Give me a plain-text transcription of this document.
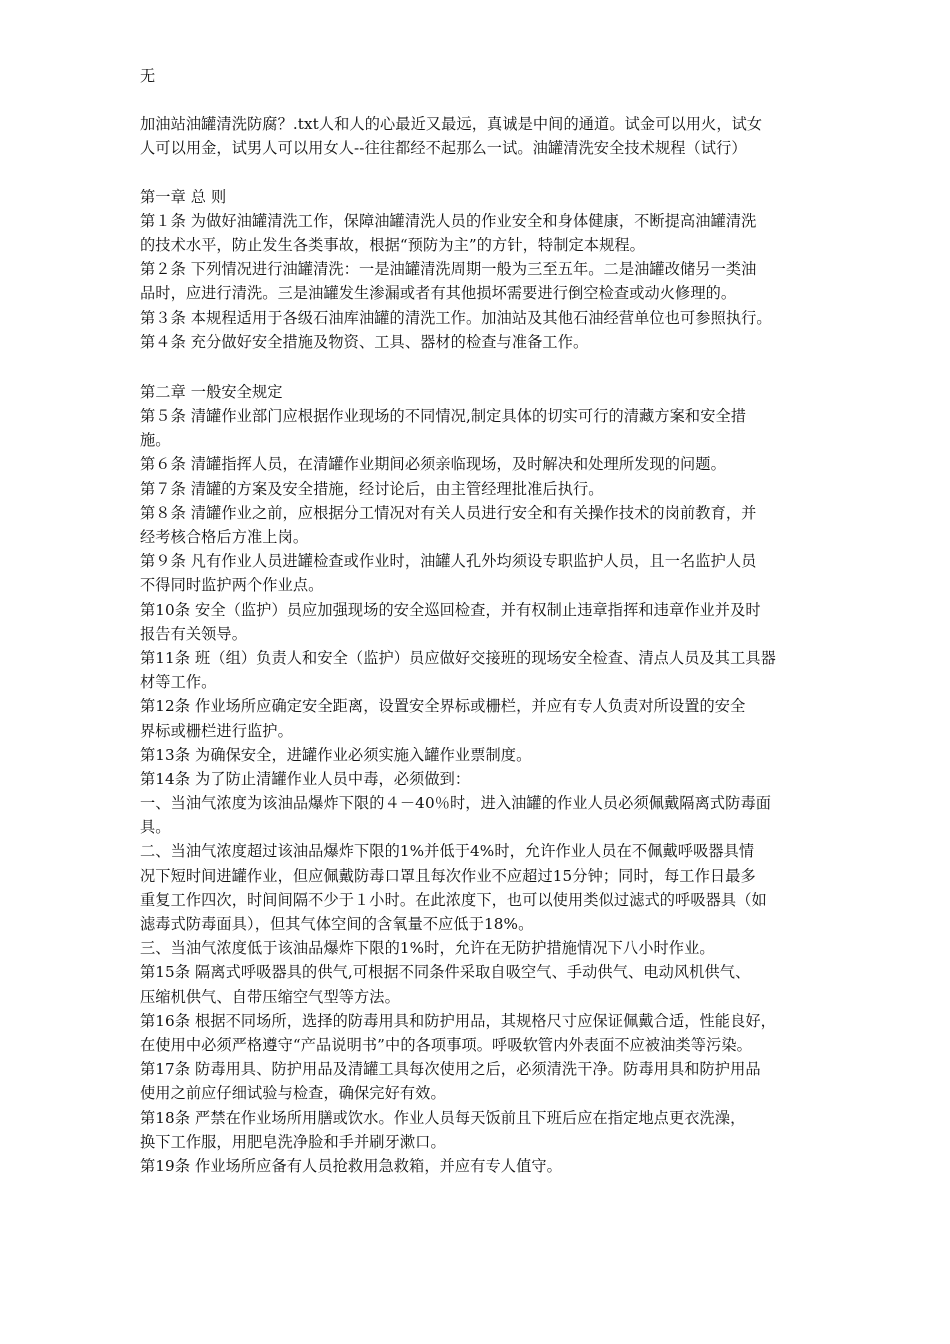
无
加油站油罐清洗防腐？.txt人和人的心最近又最远，真诚是中间的通道。试金可以用火，试女
人可以用金，试男人可以用女人--往往都经不起那么一试。油罐清洗安全技术规程（试行）
第一章 总 则
第１条 为做好油罐清洗工作，保障油罐清洗人员的作业安全和身体健康，不断提高油罐清洗
的技术水平，防止发生各类事故，根据“预防为主”的方针，特制定本规程。
第２条 下列情况进行油罐清洗：一是油罐清洗周期一般为三至五年。二是油罐改储另一类油
品时，应进行清洗。三是油罐发生渗漏或者有其他损坏需要进行倒空检查或动火修理的。
第３条 本规程适用于各级石油库油罐的清洗工作。加油站及其他石油经营单位也可参照执行。
第４条 充分做好安全措施及物资、工具、器材的检查与准备工作。
第二章 一般安全规定
第５条 清罐作业部门应根据作业现场的不同情况,制定具体的切实可行的清藏方案和安全措
施。
第６条 清罐指挥人员，在清罐作业期间必须亲临现场，及时解决和处理所发现的问题。
第７条 清罐的方案及安全措施，经讨论后，由主管经理批准后执行。
第８条 清罐作业之前，应根据分工情况对有关人员进行安全和有关操作技术的岗前教育，并
经考核合格后方准上岗。
第９条 凡有作业人员进罐检查或作业时，油罐人孔外均须设专职监护人员，且一名监护人员
不得同时监护两个作业点。
第10条 安全（监护）员应加强现场的安全巡回检查，并有权制止违章指挥和违章作业并及时
报告有关领导。
第11条 班（组）负责人和安全（监护）员应做好交接班的现场安全检查、清点人员及其工具器
材等工作。
第12条 作业场所应确定安全距离，设置安全界标或栅栏，并应有专人负责对所设置的安全
界标或栅栏进行监护。
第13条 为确保安全，进罐作业必须实施入罐作业票制度。
第14条 为了防止清罐作业人员中毒，必须做到：
一、当油气浓度为该油品爆炸下限的４－40％时，进入油罐的作业人员必须佩戴隔离式防毒面
具。
二、当油气浓度超过该油品爆炸下限的1%并低于4%时，允许作业人员在不佩戴呼吸器具情
况下短时间进罐作业，但应佩戴防毒口罩且每次作业不应超过15分钟；同时，每工作日最多
重复工作四次，时间间隔不少于１小时。在此浓度下，也可以使用类似过滤式的呼吸器具（如
滤毒式防毒面具），但其气体空间的含氧量不应低于18%。
三、当油气浓度低于该油品爆炸下限的1%时，允许在无防护措施情况下八小时作业。
第15条 隔离式呼吸器具的供气,可根据不同条件采取自吸空气、手动供气、电动风机供气、
压缩机供气、自带压缩空气型等方法。
第16条 根据不同场所，选择的防毒用具和防护用品，其规格尺寸应保证佩戴合适，性能良好，
在使用中必须严格遵守“产品说明书”中的各项事项。呼吸软管内外表面不应被油类等污染。
第17条 防毒用具、防护用品及清罐工具每次使用之后，必须清洗干净。防毒用具和防护用品
使用之前应仔细试验与检查，确保完好有效。
第18条 严禁在作业场所用膳或饮水。作业人员每天饭前且下班后应在指定地点更衣洗澡，
换下工作服，用肥皂洗净脸和手并刷牙漱口。
第19条 作业场所应备有人员抢救用急救箱，并应有专人值守。
